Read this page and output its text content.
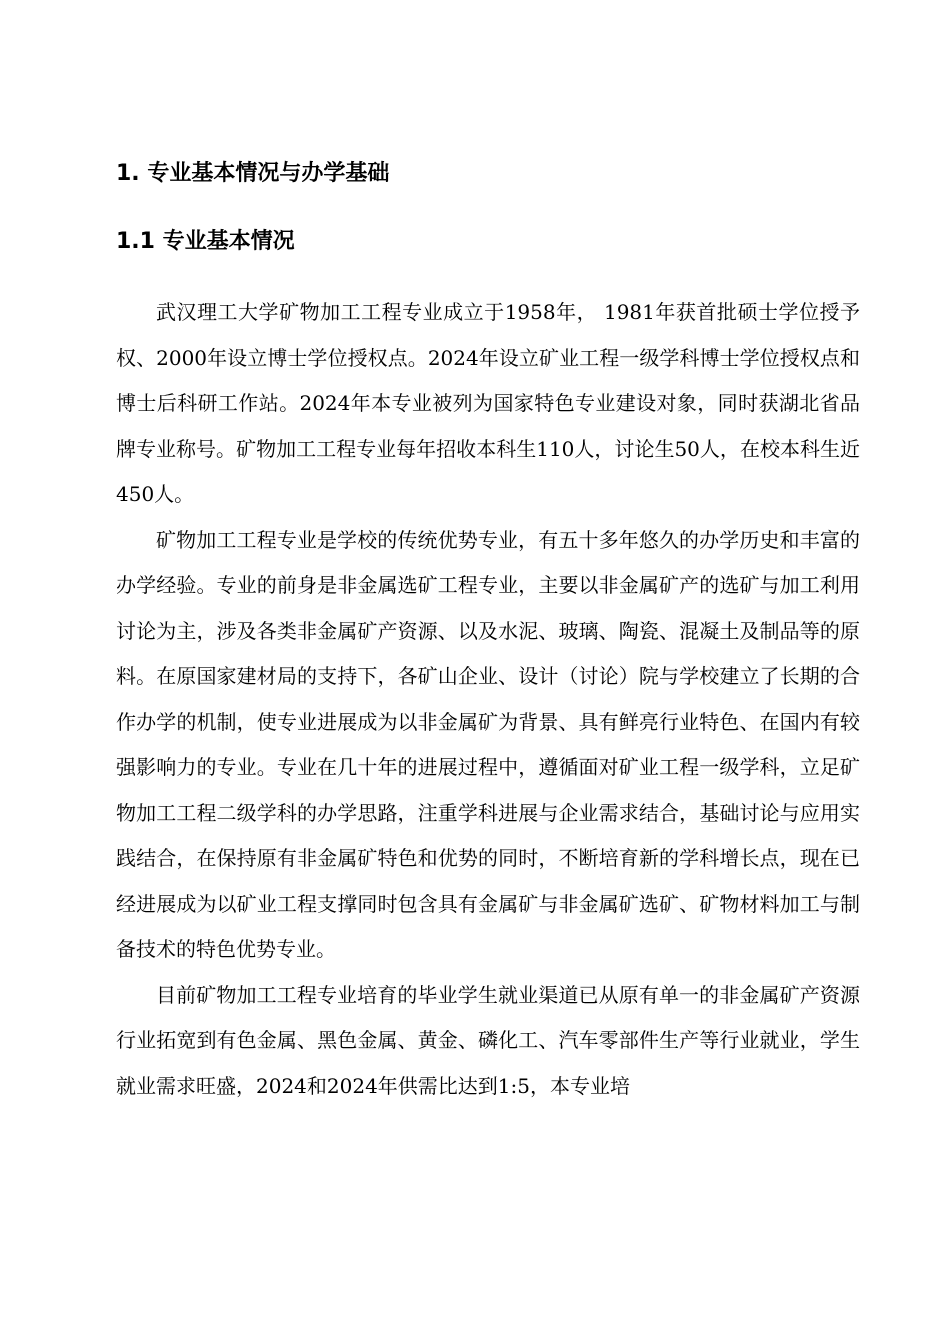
1. 专业基本情况与办学基础
1.1 专业基本情况

武汉理工大学矿物加工工程专业成立于1958年， 1981年获首批硕士学位授予权、2000年设立博士学位授权点。2024年设立矿业工程一级学科博士学位授权点和博士后科研工作站。2024年本专业被列为国家特色专业建设对象，同时获湖北省品牌专业称号。矿物加工工程专业每年招收本科生110人，讨论生50人，在校本科生近450人。

矿物加工工程专业是学校的传统优势专业，有五十多年悠久的办学历史和丰富的办学经验。专业的前身是非金属选矿工程专业，主要以非金属矿产的选矿与加工利用讨论为主，涉及各类非金属矿产资源、以及水泥、玻璃、陶瓷、混凝土及制品等的原料。在原国家建材局的支持下，各矿山企业、设计（讨论）院与学校建立了长期的合作办学的机制，使专业进展成为以非金属矿为背景、具有鲜亮行业特色、在国内有较强影响力的专业。专业在几十年的进展过程中，遵循面对矿业工程一级学科，立足矿物加工工程二级学科的办学思路，注重学科进展与企业需求结合，基础讨论与应用实践结合，在保持原有非金属矿特色和优势的同时，不断培育新的学科增长点，现在已经进展成为以矿业工程支撑同时包含具有金属矿与非金属矿选矿、矿物材料加工与制备技术的特色优势专业。

目前矿物加工工程专业培育的毕业学生就业渠道已从原有单一的非金属矿产资源行业拓宽到有色金属、黑色金属、黄金、磷化工、汽车零部件生产等行业就业，学生就业需求旺盛，2024和2024年供需比达到1:5，本专业培
